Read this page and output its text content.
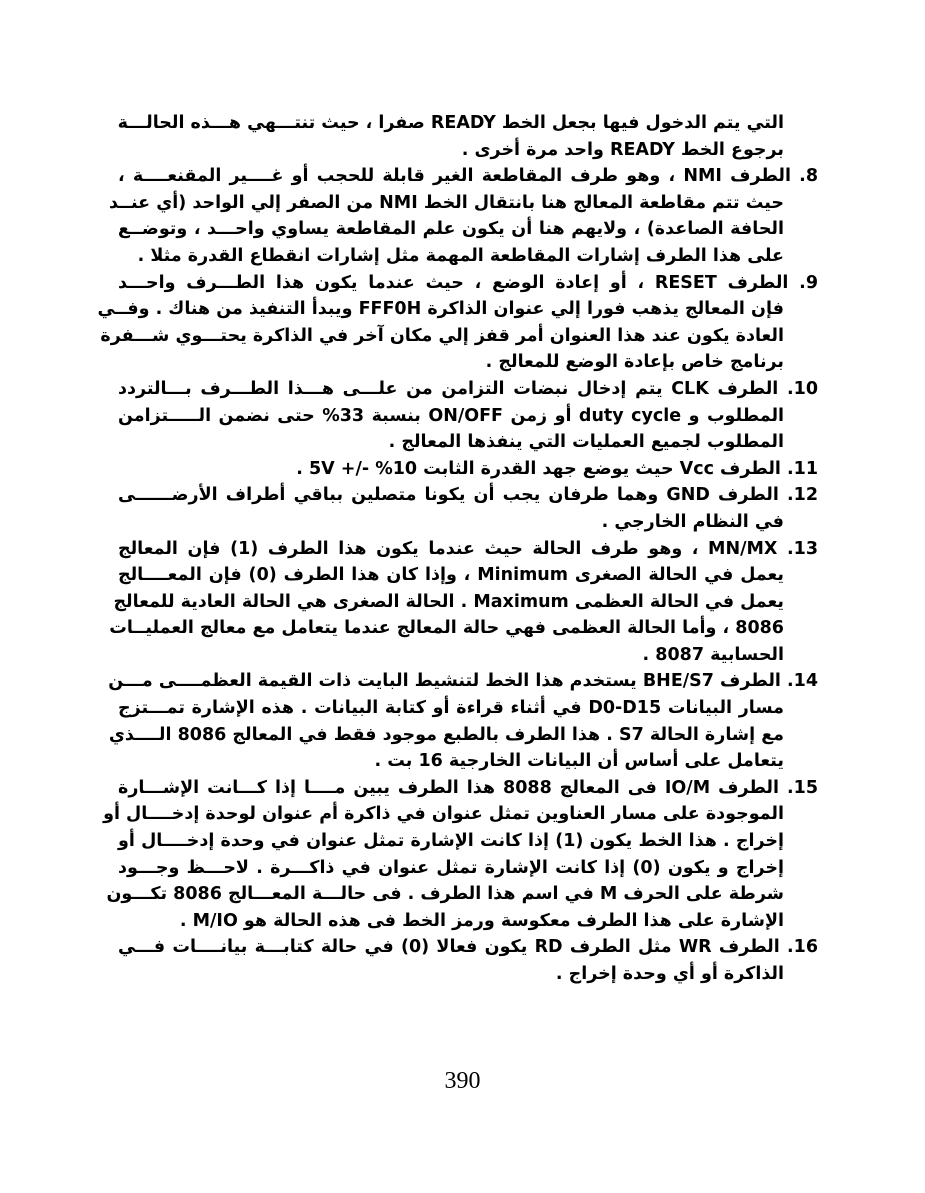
التي يتم الدخول فيها بجعل الخط READY صفرا ، حيث تنتـــهي هـــذه الحالـــة
برجوع الخط READY واحد مرة أخرى .
8. الطرف NMI ، وهو طرف المقاطعة الغير قابلة للحجب أو غــــير المقنعــــة ،
حيث تتم مقاطعة المعالج هنا بانتقال الخط NMI من الصفر إلي الواحد (أي عنــد
الحافة الصاعدة) ، ولايهم هنا أن يكون علم المقاطعة يساوي واحـــد ، وتوضــع
على هذا الطرف إشارات المقاطعة المهمة مثل إشارات انقطاع القدرة مثلا .
9. الطرف RESET ، أو إعادة الوضع ، حيث عندما يكون هذا الطـــرف واحـــد
فإن المعالج يذهب فورا إلي عنوان الذاكرة FFF0H ويبدأ التنفيذ من هناك . وفــي
العادة يكون عند هذا العنوان أمر قفز إلي مكان آخر في الذاكرة يحتـــوي شـــفرة
برنامج خاص بإعادة الوضع للمعالج .
10. الطرف CLK يتم إدخال نبضات التزامن من علـــى هـــذا الطـــرف بـــالتردد
المطلوب و duty cycle أو زمن ON/OFF بنسبة 33% حتى نضمن الـــــتزامن
المطلوب لجميع العمليات التي ينفذها المعالج .
11. الطرف Vcc حيث يوضع جهد القدرة الثابت 10% -/+ 5V .
12. الطرف GND وهما طرفان يجب أن يكونا متصلين بباقي أطراف الأرضــــــى
في النظام الخارجي .
13. MN/MX ، وهو طرف الحالة حيث عندما يكون هذا الطرف (1) فإن المعالج
يعمل في الحالة الصغرى Minimum ، وإذا كان هذا الطرف (0) فإن المعــــالج
يعمل في الحالة العظمى Maximum . الحالة الصغرى هي الحالة العادية للمعالج
8086 ، وأما الحالة العظمى فهي حالة المعالج عندما يتعامل مع معالج العمليــات
الحسابية 8087 .
14. الطرف BHE/S7 يستخدم هذا الخط لتنشيط البايت ذات القيمة العظمــــى مـــن
مسار البيانات D0-D15 في أثناء قراءة أو كتابة البيانات . هذه الإشارة تمـــتزج
مع إشارة الحالة S7 . هذا الطرف بالطبع موجود فقط في المعالج 8086 الــــذي
يتعامل على أساس أن البيانات الخارجية 16 بت .
15. الطرف IO/M فى المعالج 8088 هذا الطرف يبين مــــا إذا كـــانت الإشـــارة
الموجودة على مسار العناوين تمثل عنوان في ذاكرة أم عنوان لوحدة إدخــــال أو
إخراج . هذا الخط يكون (1) إذا كانت الإشارة تمثل عنوان في وحدة إدخــــال أو
إخراج و يكون (0) إذا كانت الإشارة تمثل عنوان في ذاكـــرة . لاحـــظ وجـــود
شرطة على الحرف M في اسم هذا الطرف . فى حالـــة المعـــالج 8086 تكـــون
الإشارة على هذا الطرف معكوسة ورمز الخط فى هذه الحالة هو M/IO .
16. الطرف WR مثل الطرف RD يكون فعالا (0) في حالة كتابـــة بيانــــات فـــي
الذاكرة أو أي وحدة إخراج .
390
